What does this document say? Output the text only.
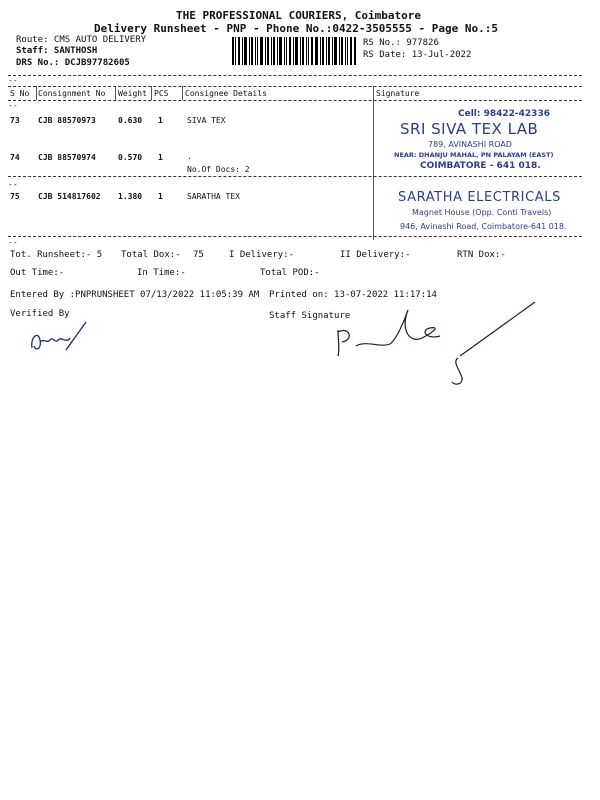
THE PROFESSIONAL COURIERS, Coimbatore
Delivery Runsheet - PNP - Phone No.:0422-3505555 - Page No.:5
Route: CMS AUTO DELIVERY
Staff: SANTHOSH
DRS No.: DCJB97782605
RS No.: 977826
RS Date: 13-Jul-2022
--
S No Consignment No Weight PCS Consignee Details	Signature
--
73 CJB 88570973	0.630 1	SIVA TEX
74 CJB 88570974	0.570 1	.
No.Of Docs: 2
--
75 CJB 514817602 1.380 1	SARATHA TEX
--
Cell: 98422-42336
SRI SIVA TEX LAB
789, AVINASHI ROAD
NEAR: DHANJU MAHAL, PN PALAYAM (EAST)
COIMBATORE - 641 018.
SARATHA ELECTRICALS
Magnet House (Opp. Conti Travels)
946, Avinashi Road, Coimbatore-641 018.
Tot. Runsheet:- 5 Total Dox:- 75	I Delivery:-	II Delivery:-	RTN Dox:-
Out Time:-	In Time:-	Total POD:-
Entered By :PNPRUNSHEET 07/13/2022 11:05:39 AM Printed on: 13-07-2022 11:17:14
Verified By	Staff Signature
